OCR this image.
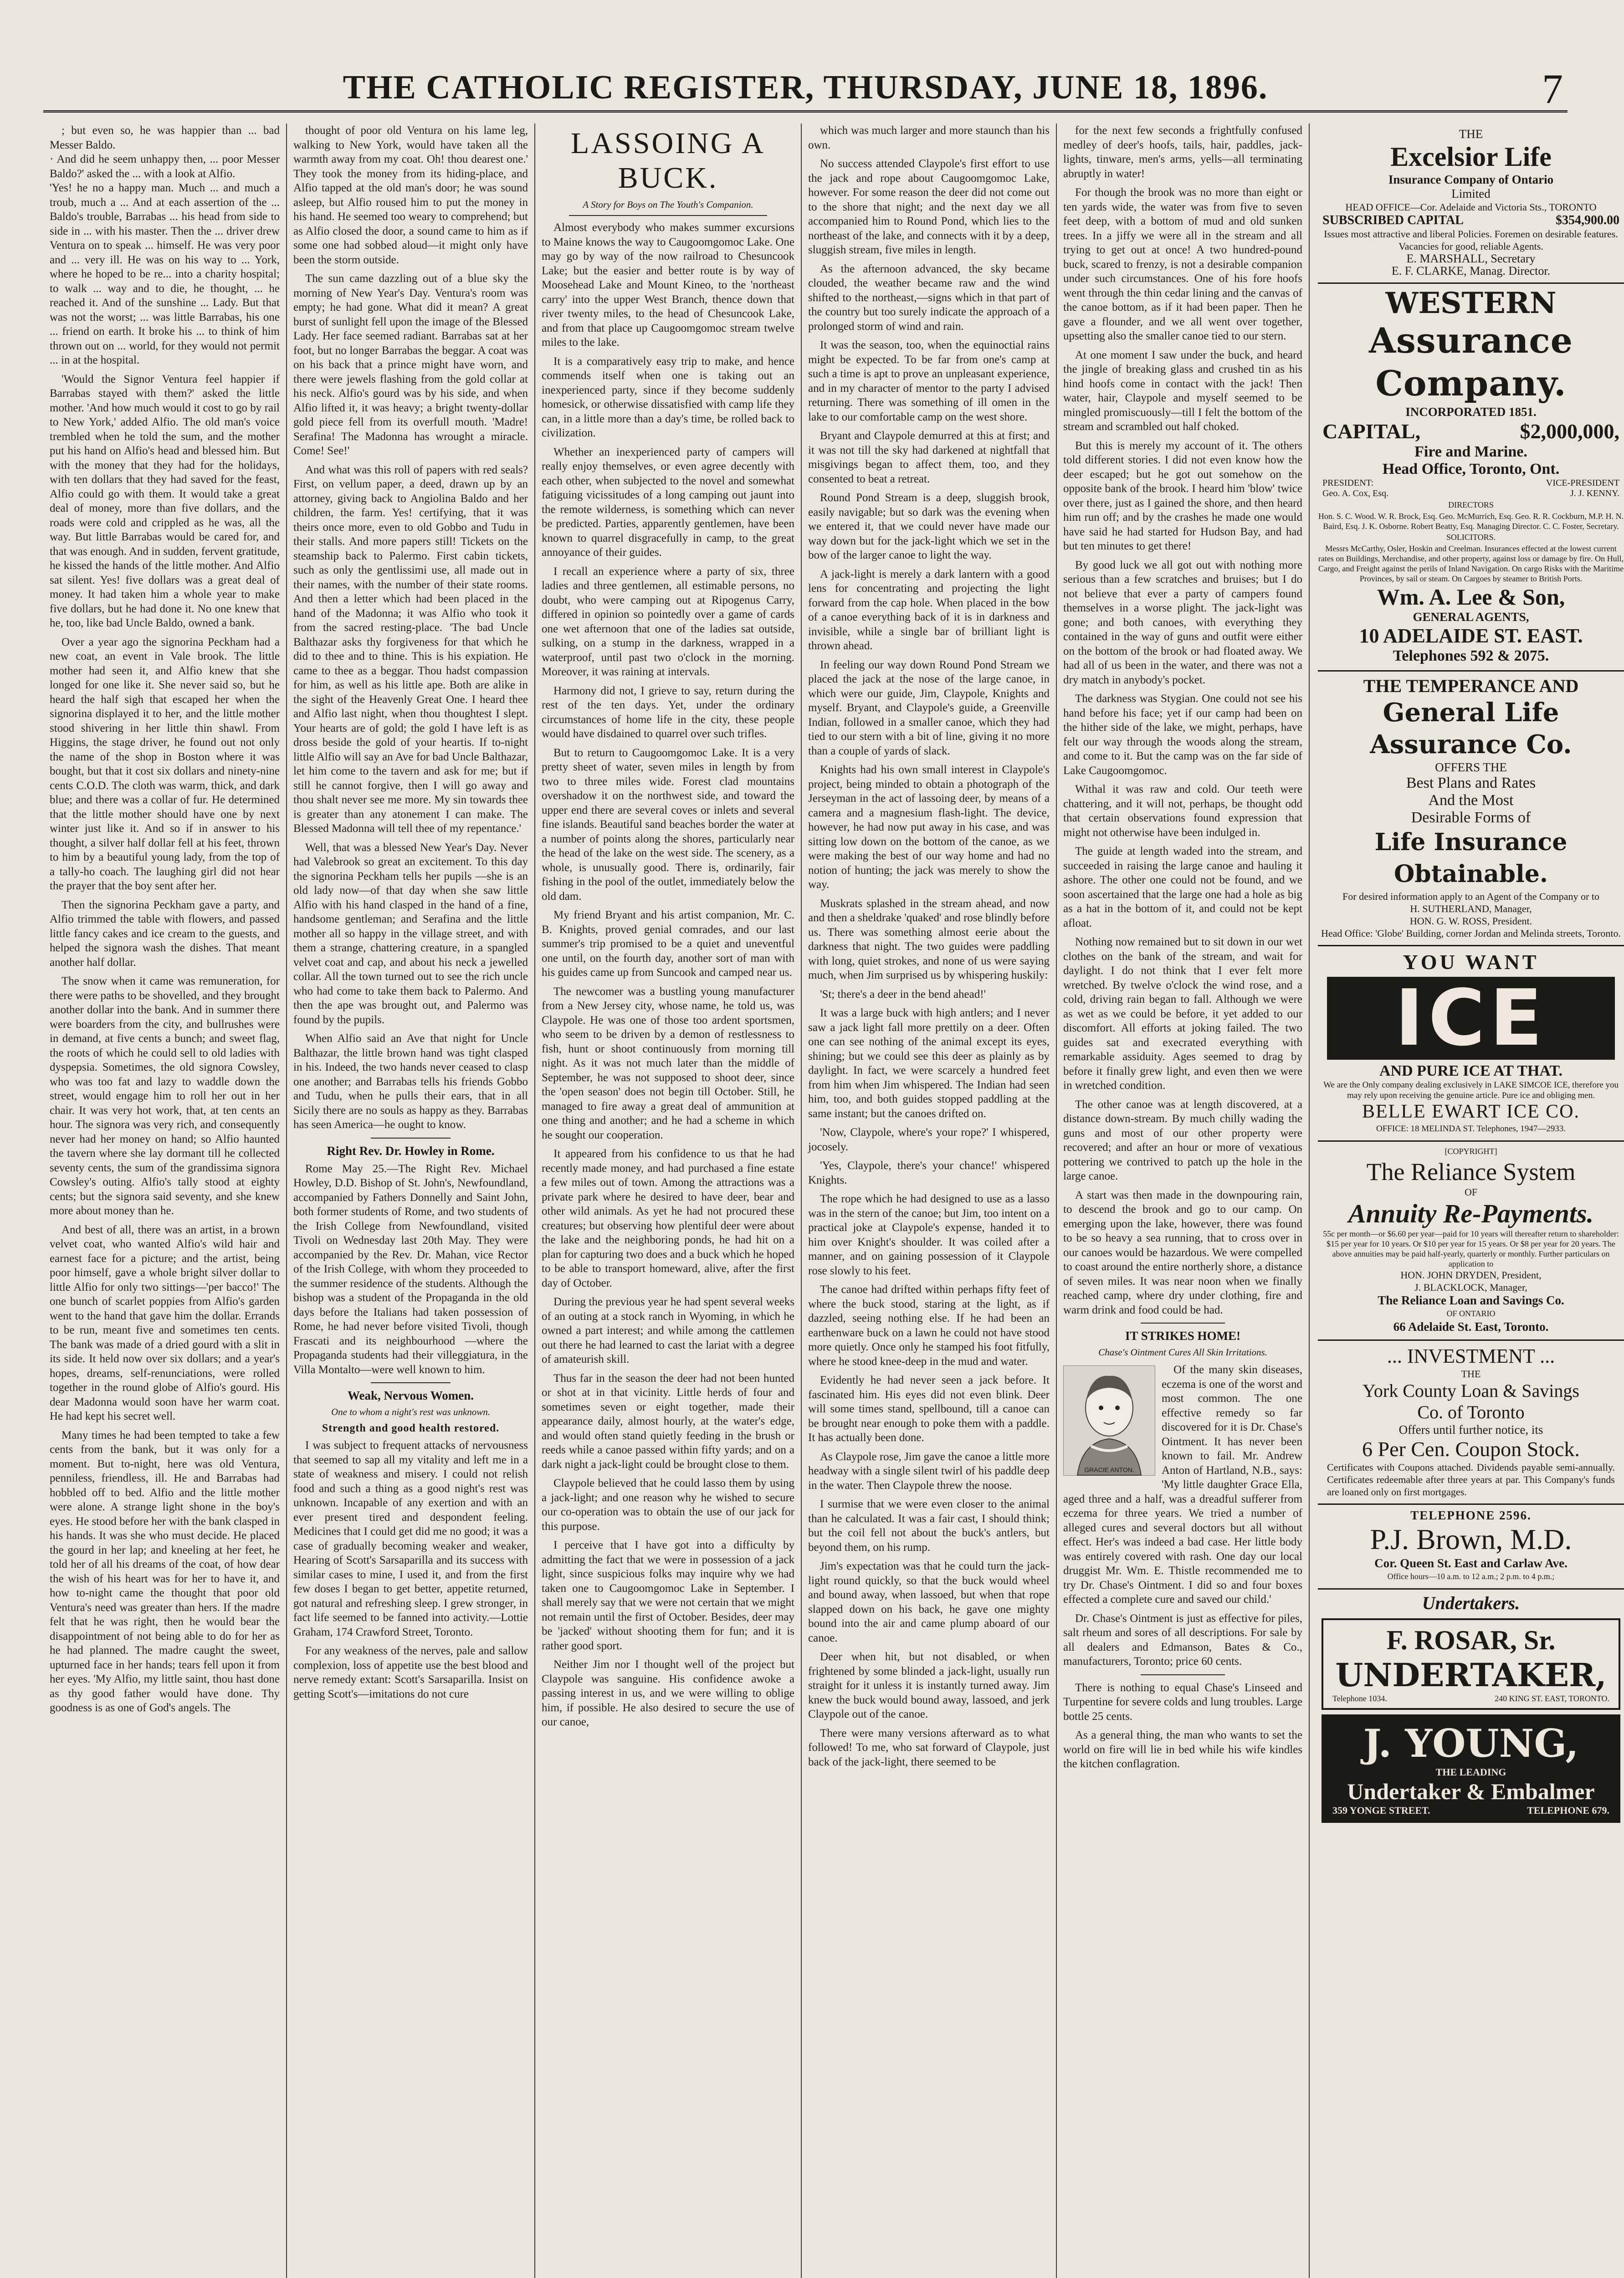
THE CATHOLIC REGISTER, THURSDAY, JUNE 18, 1896.	7

; but even so, he was happier than ... bad Messer Baldo.
· And did he seem unhappy then, ... poor Messer Baldo?' asked the ... with a look at Alfio.
'Yes! he no a happy man. Much ... and much a troub, much a ... And at each assertion of the ... Baldo's trouble, Barrabas ... his head from side to side in ... with his master. Then the ... driver drew Ventura on to speak ... himself. He was very poor and ... very ill. He was on his way to ... York, where he hoped to be re... into a charity hospital; to walk ... way and to die, he thought, ... he reached it. And of the sunshine ... Lady. But that was not the worst; ... was little Barrabas, his one ... friend on earth. It broke his ... to think of him thrown out on ... world, for they would not permit ... in at the hospital.

'Would the Signor Ventura feel happier if Barrabas stayed with them?' asked the little mother. 'And how much would it cost to go by rail to New York,' added Alfio. The old man's voice trembled when he told the sum, and the mother put his hand on Alfio's head and blessed him. But with the money that they had for the holidays, with ten dollars that they had saved for the feast, Alfio could go with them. It would take a great deal of money, more than five dollars, and the roads were cold and crippled as he was, all the way. But little Barrabas would be cared for, and that was enough. And in sudden, fervent gratitude, he kissed the hands of the little mother. And Alfio sat silent. Yes! five dollars was a great deal of money. It had taken him a whole year to make five dollars, but he had done it. No one knew that he, too, like bad Uncle Baldo, owned a bank.

Over a year ago the signorina Peckham had a new coat, an event in Vale brook. The little mother had seen it, and Alfio knew that she longed for one like it. She never said so, but he heard the half sigh that escaped her when the signorina displayed it to her, and the little mother stood shivering in her little thin shawl. From Higgins, the stage driver, he found out not only the name of the shop in Boston where it was bought, but that it cost six dollars and ninety-nine cents C.O.D. The cloth was warm, thick, and dark blue; and there was a collar of fur. He determined that the little mother should have one by next winter just like it. And so if in answer to his thought, a silver half dollar fell at his feet, thrown to him by a beautiful young lady, from the top of a tally-ho coach. The laughing girl did not hear the prayer that the boy sent after her.

Then the signorina Peckham gave a party, and Alfio trimmed the table with flowers, and passed little fancy cakes and ice cream to the guests, and helped the signora wash the dishes. That meant another half dollar.

The snow when it came was remuneration, for there were paths to be shovelled, and they brought another dollar into the bank. And in summer there were boarders from the city, and bullrushes were in demand, at five cents a bunch; and sweet flag, the roots of which he could sell to old ladies with dyspepsia. Sometimes, the old signora Cowsley, who was too fat and lazy to waddle down the street, would engage him to roll her out in her chair. It was very hot work, that, at ten cents an hour. The signora was very rich, and consequently never had her money on hand; so Alfio haunted the tavern where she lay dormant till he collected seventy cents, the sum of the grandissima signora Cowsley's outing. Alfio's tally stood at eighty cents; but the signora said seventy, and she knew more about money than he.

And best of all, there was an artist, in a brown velvet coat, who wanted Alfio's wild hair and earnest face for a picture; and the artist, being poor himself, gave a whole bright silver dollar to little Alfio for only two sittings—'per bacco!' The one bunch of scarlet poppies from Alfio's garden went to the hand that gave him the dollar. Errands to be run, meant five and sometimes ten cents. The bank was made of a dried gourd with a slit in its side. It held now over six dollars; and a year's hopes, dreams, self-renunciations, were rolled together in the round globe of Alfio's gourd. His dear Madonna would soon have her warm coat. He had kept his secret well.

Many times he had been tempted to take a few cents from the bank, but it was only for a moment. But to-night, here was old Ventura, penniless, friendless, ill. He and Barrabas had hobbled off to bed. Alfio and the little mother were alone. A strange light shone in the boy's eyes. He stood before her with the bank clasped in his hands. It was she who must decide. He placed the gourd in her lap; and kneeling at her feet, he told her of all his dreams of the coat, of how dear the wish of his heart was for her to have it, and how to-night came the thought that poor old Ventura's need was greater than hers. If the madre felt that he was right, then he would bear the disappointment of not being able to do for her as he had planned. The madre caught the sweet, upturned face in her hands; tears fell upon it from her eyes. 'My Alfio, my little saint, thou hast done as thy good father would have done. Thy goodness is as one of God's angels. The

thought of poor old Ventura on his lame leg, walking to New York, would have taken all the warmth away from my coat. Oh! thou dearest one.' They took the money from its hiding-place, and Alfio tapped at the old man's door; he was sound asleep, but Alfio roused him to put the money in his hand. He seemed too weary to comprehend; but as Alfio closed the door, a sound came to him as if some one had sobbed aloud—it might only have been the storm outside.

The sun came dazzling out of a blue sky the morning of New Year's Day. Ventura's room was empty; he had gone. What did it mean? A great burst of sunlight fell upon the image of the Blessed Lady. Her face seemed radiant. Barrabas sat at her foot, but no longer Barrabas the beggar. A coat was on his back that a prince might have worn, and there were jewels flashing from the gold collar at his neck. Alfio's gourd was by his side, and when Alfio lifted it, it was heavy; a bright twenty-dollar gold piece fell from its overfull mouth. 'Madre! Serafina! The Madonna has wrought a miracle. Come! See!'

And what was this roll of papers with red seals? First, on vellum paper, a deed, drawn up by an attorney, giving back to Angiolina Baldo and her children, the farm. Yes! certifying, that it was theirs once more, even to old Gobbo and Tudu in their stalls. And more papers still! Tickets on the steamship back to Palermo. First cabin tickets, such as only the gentlissimi use, all made out in their names, with the number of their state rooms. And then a letter which had been placed in the hand of the Madonna; it was Alfio who took it from the sacred resting-place. 'The bad Uncle Balthazar asks thy forgiveness for that which he did to thee and to thine. This is his expiation. He came to thee as a beggar. Thou hadst compassion for him, as well as his little ape. Both are alike in the sight of the Heavenly Great One. I heard thee and Alfio last night, when thou thoughtest I slept. Your hearts are of gold; the gold I have left is as dross beside the gold of your heartis. If to-night little Alfio will say an Ave for bad Uncle Balthazar, let him come to the tavern and ask for me; but if still he cannot forgive, then I will go away and thou shalt never see me more. My sin towards thee is greater than any atonement I can make. The Blessed Madonna will tell thee of my repentance.'

Well, that was a blessed New Year's Day. Never had Valebrook so great an excitement. To this day the signorina Peckham tells her pupils —she is an old lady now—of that day when she saw little Alfio with his hand clasped in the hand of a fine, handsome gentleman; and Serafina and the little mother all so happy in the village street, and with them a strange, chattering creature, in a spangled velvet coat and cap, and about his neck a jewelled collar. All the town turned out to see the rich uncle who had come to take them back to Palermo. And then the ape was brought out, and Palermo was found by the pupils.

When Alfio said an Ave that night for Uncle Balthazar, the little brown hand was tight clasped in his. Indeed, the two hands never ceased to clasp one another; and Barrabas tells his friends Gobbo and Tudu, when he pulls their ears, that in all Sicily there are no souls as happy as they. Barrabas has seen America—he ought to know.

Right Rev. Dr. Howley in Rome.

Rome May 25.—The Right Rev. Michael Howley, D.D. Bishop of St. John's, Newfoundland, accompanied by Fathers Donnelly and Saint John, both former students of Rome, and two students of the Irish College from Newfoundland, visited Tivoli on Wednesday last 20th May. They were accompanied by the Rev. Dr. Mahan, vice Rector of the Irish College, with whom they proceeded to the summer residence of the students. Although the bishop was a student of the Propaganda in the old days before the Italians had taken possession of Rome, he had never before visited Tivoli, though Frascati and its neighbourhood —where the Propaganda students had their villeggiatura, in the Villa Montalto—were well known to him.

Weak, Nervous Women.
One to whom a night's rest was unknown.
Strength and good health restored.

I was subject to frequent attacks of nervousness that seemed to sap all my vitality and left me in a state of weakness and misery. I could not relish food and such a thing as a good night's rest was unknown. Incapable of any exertion and with an ever present tired and despondent feeling. Medicines that I could get did me no good; it was a case of gradually becoming weaker and weaker, Hearing of Scott's Sarsaparilla and its success with similar cases to mine, I used it, and from the first few doses I began to get better, appetite returned, got natural and refreshing sleep. I grew stronger, in fact life seemed to be fanned into activity.—Lottie Graham, 174 Crawford Street, Toronto.

For any weakness of the nerves, pale and sallow complexion, loss of appetite use the best blood and nerve remedy extant: Scott's Sarsaparilla. Insist on getting Scott's—imitations do not cure

LASSOING A BUCK.
A Story for Boys on The Youth's Companion.

Almost everybody who makes summer excursions to Maine knows the way to Caugoomgomoc Lake. One may go by way of the now railroad to Chesuncook Lake; but the easier and better route is by way of Moosehead Lake and Mount Kineo, to the 'northeast carry' into the upper West Branch, thence down that river twenty miles, to the head of Chesuncook Lake, and from that place up Caugoomgomoc stream twelve miles to the lake.

It is a comparatively easy trip to make, and hence commends itself when one is taking out an inexperienced party, since if they become suddenly homesick, or otherwise dissatisfied with camp life they can, in a little more than a day's time, be rolled back to civilization.

Whether an inexperienced party of campers will really enjoy themselves, or even agree decently with each other, when subjected to the novel and somewhat fatiguing vicissitudes of a long camping out jaunt into the remote wilderness, is something which can never be predicted. Parties, apparently gentlemen, have been known to quarrel disgracefully in camp, to the great annoyance of their guides.

I recall an experience where a party of six, three ladies and three gentlemen, all estimable persons, no doubt, who were camping out at Ripogenus Carry, differed in opinion so pointedly over a game of cards one wet afternoon that one of the ladies sat outside, sulking, on a stump in the darkness, wrapped in a waterproof, until past two o'clock in the morning. Moreover, it was raining at intervals.

Harmony did not, I grieve to say, return during the rest of the ten days. Yet, under the ordinary circumstances of home life in the city, these people would have disdained to quarrel over such trifles.

But to return to Caugoomgomoc Lake. It is a very pretty sheet of water, seven miles in length by from two to three miles wide. Forest clad mountains overshadow it on the northwest side, and toward the upper end there are several coves or inlets and several fine islands. Beautiful sand beaches border the water at a number of points along the shores, particularly near the head of the lake on the west side. The scenery, as a whole, is unusually good. There is, ordinarily, fair fishing in the pool of the outlet, immediately below the old dam.

My friend Bryant and his artist companion, Mr. C. B. Knights, proved genial comrades, and our last summer's trip promised to be a quiet and uneventful one until, on the fourth day, another sort of man with his guides came up from Suncook and camped near us.

The newcomer was a bustling young manufacturer from a New Jersey city, whose name, he told us, was Claypole. He was one of those too ardent sportsmen, who seem to be driven by a demon of restlessness to fish, hunt or shoot continuously from morning till night. As it was not much later than the middle of September, he was not supposed to shoot deer, since the 'open season' does not begin till October. Still, he managed to fire away a great deal of ammunition at one thing and another; and he had a scheme in which he sought our cooperation.

It appeared from his confidence to us that he had recently made money, and had purchased a fine estate a few miles out of town. Among the attractions was a private park where he desired to have deer, bear and other wild animals. As yet he had not procured these creatures; but observing how plentiful deer were about the lake and the neighboring ponds, he had hit on a plan for capturing two does and a buck which he hoped to be able to transport homeward, alive, after the first day of October.

During the previous year he had spent several weeks of an outing at a stock ranch in Wyoming, in which he owned a part interest; and while among the cattlemen out there he had learned to cast the lariat with a degree of amateurish skill.

Thus far in the season the deer had not been hunted or shot at in that vicinity. Little herds of four and sometimes seven or eight together, made their appearance daily, almost hourly, at the water's edge, and would often stand quietly feeding in the brush or reeds while a canoe passed within fifty yards; and on a dark night a jack-light could be brought close to them.

Claypole believed that he could lasso them by using a jack-light; and one reason why he wished to secure our co-operation was to obtain the use of our jack for this purpose.

I perceive that I have got into a difficulty by admitting the fact that we were in possession of a jack light, since suspicious folks may inquire why we had taken one to Caugoomgomoc Lake in September. I shall merely say that we were not certain that we might not remain until the first of October. Besides, deer may be 'jacked' without shooting them for fun; and it is rather good sport.

Neither Jim nor I thought well of the project but Claypole was sanguine. His confidence awoke a passing interest in us, and we were willing to oblige him, if possible. He also desired to secure the use of our canoe,

which was much larger and more staunch than his own.

No success attended Claypole's first effort to use the jack and rope about Caugoomgomoc Lake, however. For some reason the deer did not come out to the shore that night; and the next day we all accompanied him to Round Pond, which lies to the northeast of the lake, and connects with it by a deep, sluggish stream, five miles in length.

As the afternoon advanced, the sky became clouded, the weather became raw and the wind shifted to the northeast,—signs which in that part of the country but too surely indicate the approach of a prolonged storm of wind and rain.

It was the season, too, when the equinoctial rains might be expected. To be far from one's camp at such a time is apt to prove an unpleasant experience, and in my character of mentor to the party I advised returning. There was something of ill omen in the lake to our comfortable camp on the west shore.

Bryant and Claypole demurred at this at first; and it was not till the sky had darkened at nightfall that misgivings began to affect them, too, and they consented to beat a retreat.

Round Pond Stream is a deep, sluggish brook, easily navigable; but so dark was the evening when we entered it, that we could never have made our way down but for the jack-light which we set in the bow of the larger canoe to light the way.

A jack-light is merely a dark lantern with a good lens for concentrating and projecting the light forward from the cap hole. When placed in the bow of a canoe everything back of it is in darkness and invisible, while a single bar of brilliant light is thrown ahead.

In feeling our way down Round Pond Stream we placed the jack at the nose of the large canoe, in which were our guide, Jim, Claypole, Knights and myself. Bryant, and Claypole's guide, a Greenville Indian, followed in a smaller canoe, which they had tied to our stern with a bit of line, giving it no more than a couple of yards of slack.

Knights had his own small interest in Claypole's project, being minded to obtain a photograph of the Jerseyman in the act of lassoing deer, by means of a camera and a magnesium flash-light. The device, however, he had now put away in his case, and was sitting low down on the bottom of the canoe, as we were making the best of our way home and had no notion of hunting; the jack was merely to show the way.

Muskrats splashed in the stream ahead, and now and then a sheldrake 'quaked' and rose blindly before us. There was something almost eerie about the darkness that night. The two guides were paddling with long, quiet strokes, and none of us were saying much, when Jim surprised us by whispering huskily:

'St; there's a deer in the bend ahead!'

It was a large buck with high antlers; and I never saw a jack light fall more prettily on a deer. Often one can see nothing of the animal except its eyes, shining; but we could see this deer as plainly as by daylight. In fact, we were scarcely a hundred feet from him when Jim whispered. The Indian had seen him, too, and both guides stopped paddling at the same instant; but the canoes drifted on.

'Now, Claypole, where's your rope?' I whispered, jocosely.

'Yes, Claypole, there's your chance!' whispered Knights.

The rope which he had designed to use as a lasso was in the stern of the canoe; but Jim, too intent on a practical joke at Claypole's expense, handed it to him over Knight's shoulder. It was coiled after a manner, and on gaining possession of it Claypole rose slowly to his feet.

The canoe had drifted within perhaps fifty feet of where the buck stood, staring at the light, as if dazzled, seeing nothing else. If he had been an earthenware buck on a lawn he could not have stood more quietly. Once only he stamped his foot fitfully, where he stood knee-deep in the mud and water.

Evidently he had never seen a jack before. It fascinated him. His eyes did not even blink. Deer will some times stand, spellbound, till a canoe can be brought near enough to poke them with a paddle. It has actually been done.

As Claypole rose, Jim gave the canoe a little more headway with a single silent twirl of his paddle deep in the water. Then Claypole threw the noose.

I surmise that we were even closer to the animal than he calculated. It was a fair cast, I should think; but the coil fell not about the buck's antlers, but beyond them, on his rump.

Jim's expectation was that he could turn the jack-light round quickly, so that the buck would wheel and bound away, when lassoed, but when that rope slapped down on his back, he gave one mighty bound into the air and came plump aboard of our canoe.

Deer when hit, but not disabled, or when frightened by some blinded a jack-light, usually run straight for it unless it is instantly turned away. Jim knew the buck would bound away, lassoed, and jerk Claypole out of the canoe.

There were many versions afterward as to what followed! To me, who sat forward of Claypole, just back of the jack-light, there seemed to be

for the next few seconds a frightfully confused medley of deer's hoofs, tails, hair, paddles, jack-lights, tinware, men's arms, yells—all terminating abruptly in water!

For though the brook was no more than eight or ten yards wide, the water was from five to seven feet deep, with a bottom of mud and old sunken trees. In a jiffy we were all in the stream and all trying to get out at once! A two hundred-pound buck, scared to frenzy, is not a desirable companion under such circumstances. One of his fore hoofs went through the thin cedar lining and the canvas of the canoe bottom, as if it had been paper. Then he gave a flounder, and we all went over together, upsetting also the smaller canoe tied to our stern.

At one moment I saw under the buck, and heard the jingle of breaking glass and crushed tin as his hind hoofs come in contact with the jack! Then water, hair, Claypole and myself seemed to be mingled promiscuously—till I felt the bottom of the stream and scrambled out half choked.

But this is merely my account of it. The others told different stories. I did not even know how the deer escaped; but he got out somehow on the opposite bank of the brook. I heard him 'blow' twice over there, just as I gained the shore, and then heard him run off; and by the crashes he made one would have said he had started for Hudson Bay, and had but ten minutes to get there!

By good luck we all got out with nothing more serious than a few scratches and bruises; but I do not believe that ever a party of campers found themselves in a worse plight. The jack-light was gone; and both canoes, with everything they contained in the way of guns and outfit were either on the bottom of the brook or had floated away. We had all of us been in the water, and there was not a dry match in anybody's pocket.

The darkness was Stygian. One could not see his hand before his face; yet if our camp had been on the hither side of the lake, we might, perhaps, have felt our way through the woods along the stream, and come to it. But the camp was on the far side of Lake Caugoomgomoc.

Withal it was raw and cold. Our teeth were chattering, and it will not, perhaps, be thought odd that certain observations found expression that might not otherwise have been indulged in.

The guide at length waded into the stream, and succeeded in raising the large canoe and hauling it ashore. The other one could not be found, and we soon ascertained that the large one had a hole as big as a hat in the bottom of it, and could not be kept afloat.

Nothing now remained but to sit down in our wet clothes on the bank of the stream, and wait for daylight. I do not think that I ever felt more wretched. By twelve o'clock the wind rose, and a cold, driving rain began to fall. Although we were as wet as we could be before, it yet added to our discomfort. All efforts at joking failed. The two guides sat and execrated everything with remarkable assiduity. Ages seemed to drag by before it finally grew light, and even then we were in wretched condition.

The other canoe was at length discovered, at a distance down-stream. By much chilly wading the guns and most of our other property were recovered; and after an hour or more of vexatious pottering we contrived to patch up the hole in the large canoe.

A start was then made in the downpouring rain, to descend the brook and go to our camp. On emerging upon the lake, however, there was found to be so heavy a sea running, that to cross over in our canoes would be hazardous. We were compelled to coast around the entire northerly shore, a distance of seven miles. It was near noon when we finally reached camp, where dry under clothing, fire and warm drink and food could be had.

IT STRIKES HOME!
Chase's Ointment Cures All Skin Irritations.
GRACIE ANTON.

Of the many skin diseases, eczema is one of the worst and most common. The one effective remedy so far discovered for it is Dr. Chase's Ointment. It has never been known to fail. Mr. Andrew Anton of Hartland, N.B., says: 'My little daughter Grace Ella, aged three and a half, was a dreadful sufferer from eczema for three years. We tried a number of alleged cures and several doctors but all without effect. Her's was indeed a bad case. Her little body was entirely covered with rash. One day our local druggist Mr. Wm. E. Thistle recommended me to try Dr. Chase's Ointment. I did so and four boxes effected a complete cure and saved our child.'

Dr. Chase's Ointment is just as effective for piles, salt rheum and sores of all descriptions. For sale by all dealers and Edmanson, Bates & Co., manufacturers, Toronto; price 60 cents.

There is nothing to equal Chase's Linseed and Turpentine for severe colds and lung troubles. Large bottle 25 cents.

As a general thing, the man who wants to set the world on fire will lie in bed while his wife kindles the kitchen conflagration.

THE
Excelsior Life
Insurance Company of Ontario
Limited
HEAD OFFICE—Cor. Adelaide and Victoria Sts., TORONTO
SUBSCRIBED CAPITAL	$354,900.00
Issues most attractive and liberal Policies. Foremen on desirable features. Vacancies for good, reliable Agents.
E. MARSHALL, Secretary
E. F. CLARKE, Manag. Director.
WESTERN
Assurance Company.
INCORPORATED 1851.
CAPITAL,	$2,000,000,
Fire and Marine.
Head Office, Toronto, Ont.
PRESIDENT:	VICE-PRESIDENT
Geo. A. Cox, Esq.	J. J. KENNY.
DIRECTORS
Hon. S. C. Wood. W. R. Brock, Esq. Geo. McMurrich, Esq. Geo. R. R. Cockburn, M.P. H. N. Baird, Esq. J. K. Osborne. Robert Beatty, Esq. Managing Director. C. C. Foster, Secretary.
SOLICITORS.
Messrs McCarthy, Osler, Hoskin and Creelman. Insurances effected at the lowest current rates on Buildings, Merchandise, and other property, against loss or damage by fire. On Hull, Cargo, and Freight against the perils of Inland Navigation. On cargo Risks with the Maritime Provinces, by sail or steam. On Cargoes by steamer to British Ports.
Wm. A. Lee & Son,
GENERAL AGENTS,
10 ADELAIDE ST. EAST.
Telephones 592 & 2075.
THE TEMPERANCE AND
General Life Assurance Co.
OFFERS THE
Best Plans and Rates
And the Most
Desirable Forms of
Life Insurance Obtainable.
For desired information apply to an Agent of the Company or to
H. SUTHERLAND, Manager,
HON. G. W. ROSS, President.
Head Office: 'Globe' Building, corner Jordan and Melinda streets, Toronto.
YOU WANT
ICE
AND PURE ICE AT THAT.
We are the Only company dealing exclusively in LAKE SIMCOE ICE, therefore you may rely upon receiving the genuine article. Pure ice and obliging men.
BELLE EWART ICE CO.
OFFICE: 18 MELINDA ST. Telephones, 1947—2933.
[COPYRIGHT]
The Reliance System
OF
Annuity Re-Payments.
55c per month—or $6.60 per year—paid for 10 years will thereafter return to shareholder: $15 per year for 10 years. Or $10 per year for 15 years. Or $8 per year for 20 years. The above annuities may be paid half-yearly, quarterly or monthly. Further particulars on application to
HON. JOHN DRYDEN, President,
J. BLACKLOCK, Manager,
The Reliance Loan and Savings Co.
OF ONTARIO
66 Adelaide St. East, Toronto.
... INVESTMENT ...
THE
York County Loan & Savings
Co. of Toronto
Offers until further notice, its
6 Per Cen. Coupon Stock.
Certificates with Coupons attached. Dividends payable semi-annually. Certificates redeemable after three years at par. This Company's funds are loaned only on first mortgages.
TELEPHONE 2596.
P.J. Brown, M.D.
Cor. Queen St. East and Carlaw Ave.
Office hours—10 a.m. to 12 a.m.; 2 p.m. to 4 p.m.;
Undertakers.
F. ROSAR, Sr.
UNDERTAKER,
Telephone 1034.	240 KING ST. EAST, TORONTO.
J. YOUNG,
THE LEADING
Undertaker & Embalmer
359 YONGE STREET.	TELEPHONE 679.
